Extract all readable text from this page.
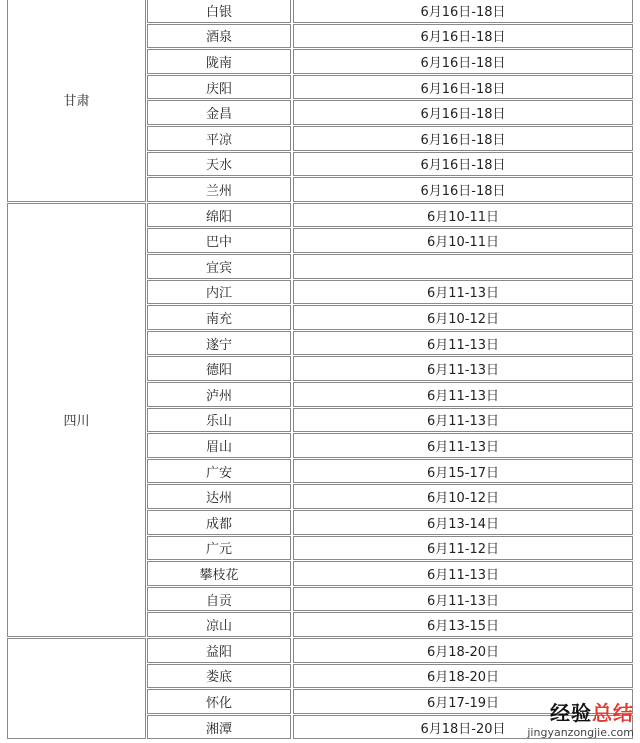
甘肃
白银	6月16日-18日
酒泉	6月16日-18日
陇南	6月16日-18日
庆阳	6月16日-18日
金昌	6月16日-18日
平凉	6月16日-18日
天水	6月16日-18日
兰州	6月16日-18日
四川
绵阳	6月10-11日
巴中	6月10-11日
宜宾
内江	6月11-13日
南充	6月10-12日
遂宁	6月11-13日
德阳	6月11-13日
泸州	6月11-13日
乐山	6月11-13日
眉山	6月11-13日
广安	6月15-17日
达州	6月10-12日
成都	6月13-14日
广元	6月11-12日
攀枝花	6月11-13日
自贡	6月11-13日
凉山	6月13-15日
益阳	6月18-20日
娄底	6月18-20日
怀化	6月17-19日
湘潭	6月18日-20日
经验总结
jingyanzongjie.com
